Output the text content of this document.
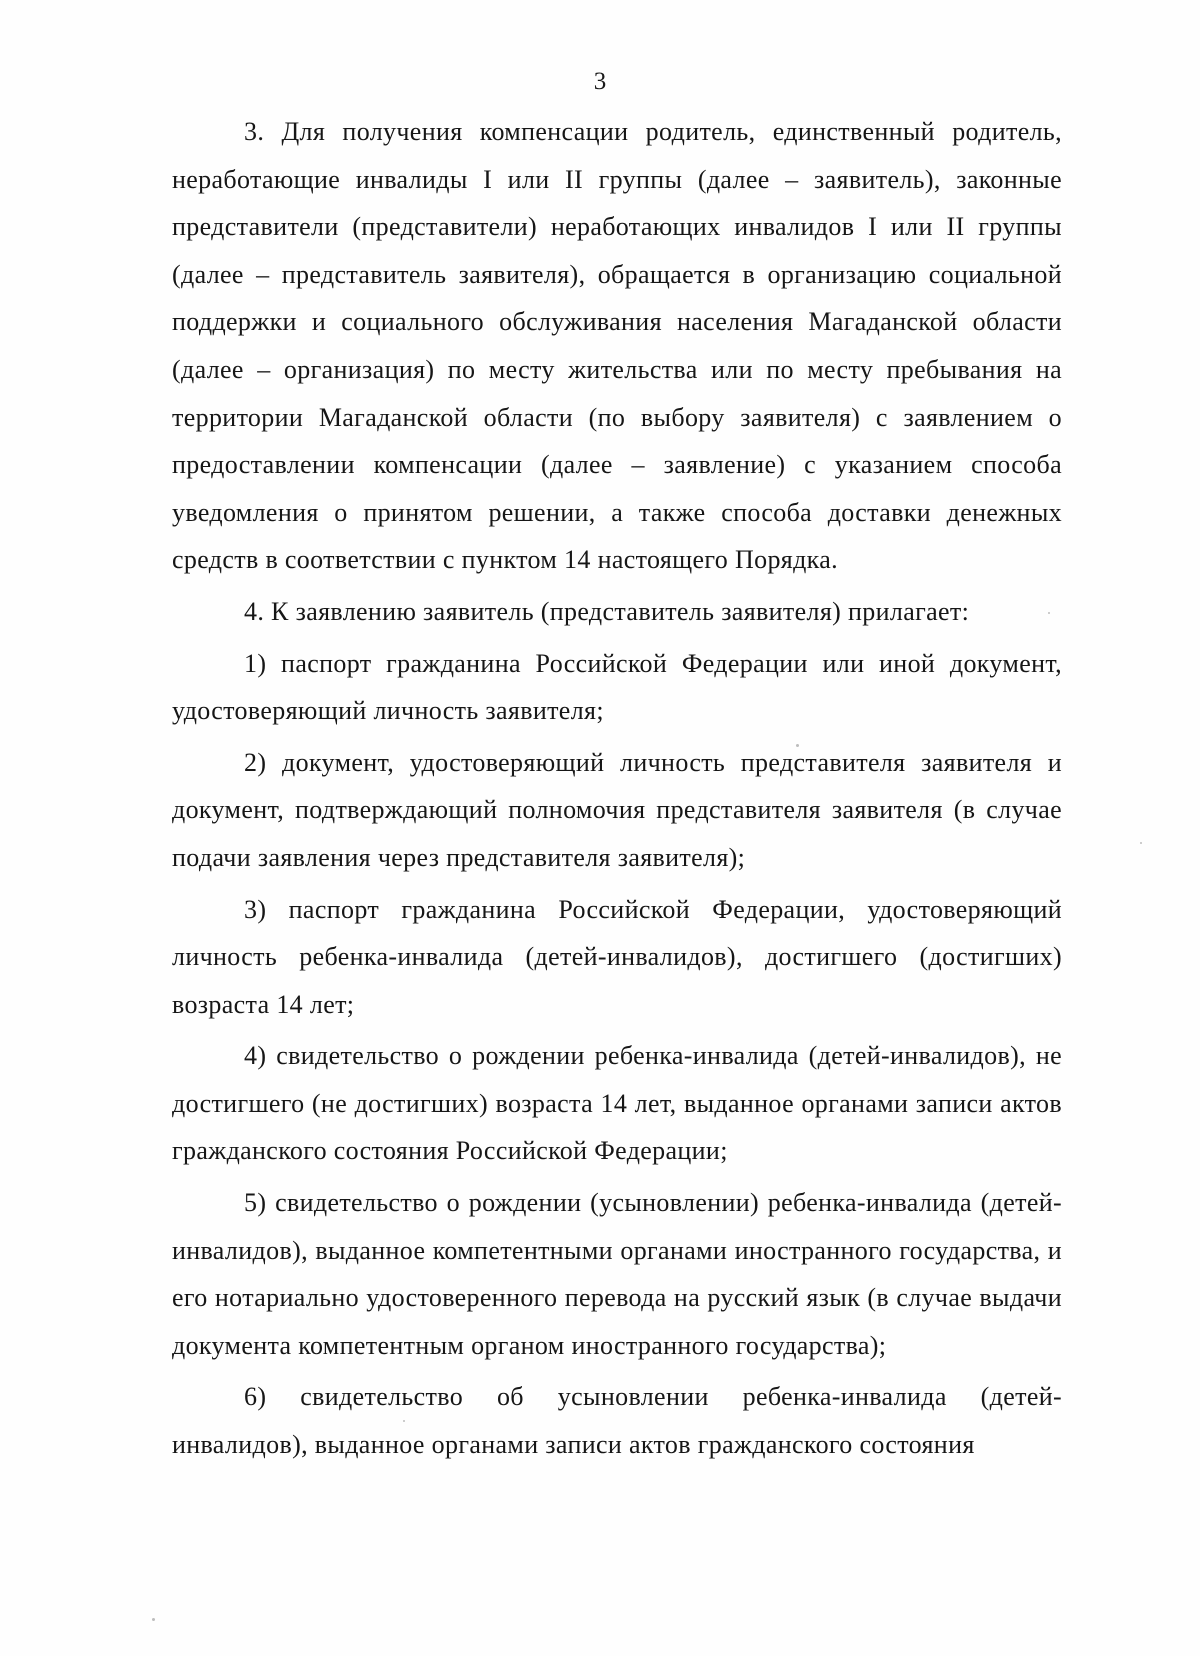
3

3. Для получения компенсации родитель, единственный родитель, неработающие инвалиды I или II группы (далее – заявитель), законные представители (представители) неработающих инвалидов I или II группы (далее – представитель заявителя), обращается в организацию социальной поддержки и социального обслуживания населения Магаданской области (далее – организация) по месту жительства или по месту пребывания на территории Магаданской области (по выбору заявителя) с заявлением о предоставлении компенсации (далее – заявление) с указанием способа уведомления о принятом решении, а также способа доставки денежных средств в соответствии с пунктом 14 настоящего Порядка.

4. К заявлению заявитель (представитель заявителя) прилагает:

1) паспорт гражданина Российской Федерации или иной документ, удостоверяющий личность заявителя;

2) документ, удостоверяющий личность представителя заявителя и документ, подтверждающий полномочия представителя заявителя (в случае подачи заявления через представителя заявителя);

3) паспорт гражданина Российской Федерации, удостоверяющий личность ребенка-инвалида (детей-инвалидов), достигшего (достигших) возраста 14 лет;

4) свидетельство о рождении ребенка-инвалида (детей-инвалидов), не достигшего (не достигших) возраста 14 лет, выданное органами записи актов гражданского состояния Российской Федерации;

5) свидетельство о рождении (усыновлении) ребенка-инвалида (детей-инвалидов), выданное компетентными органами иностранного государства, и его нотариально удостоверенного перевода на русский язык (в случае выдачи документа компетентным органом иностранного государства);

6) свидетельство об усыновлении ребенка-инвалида (детей-инвалидов), выданное органами записи актов гражданского состояния
